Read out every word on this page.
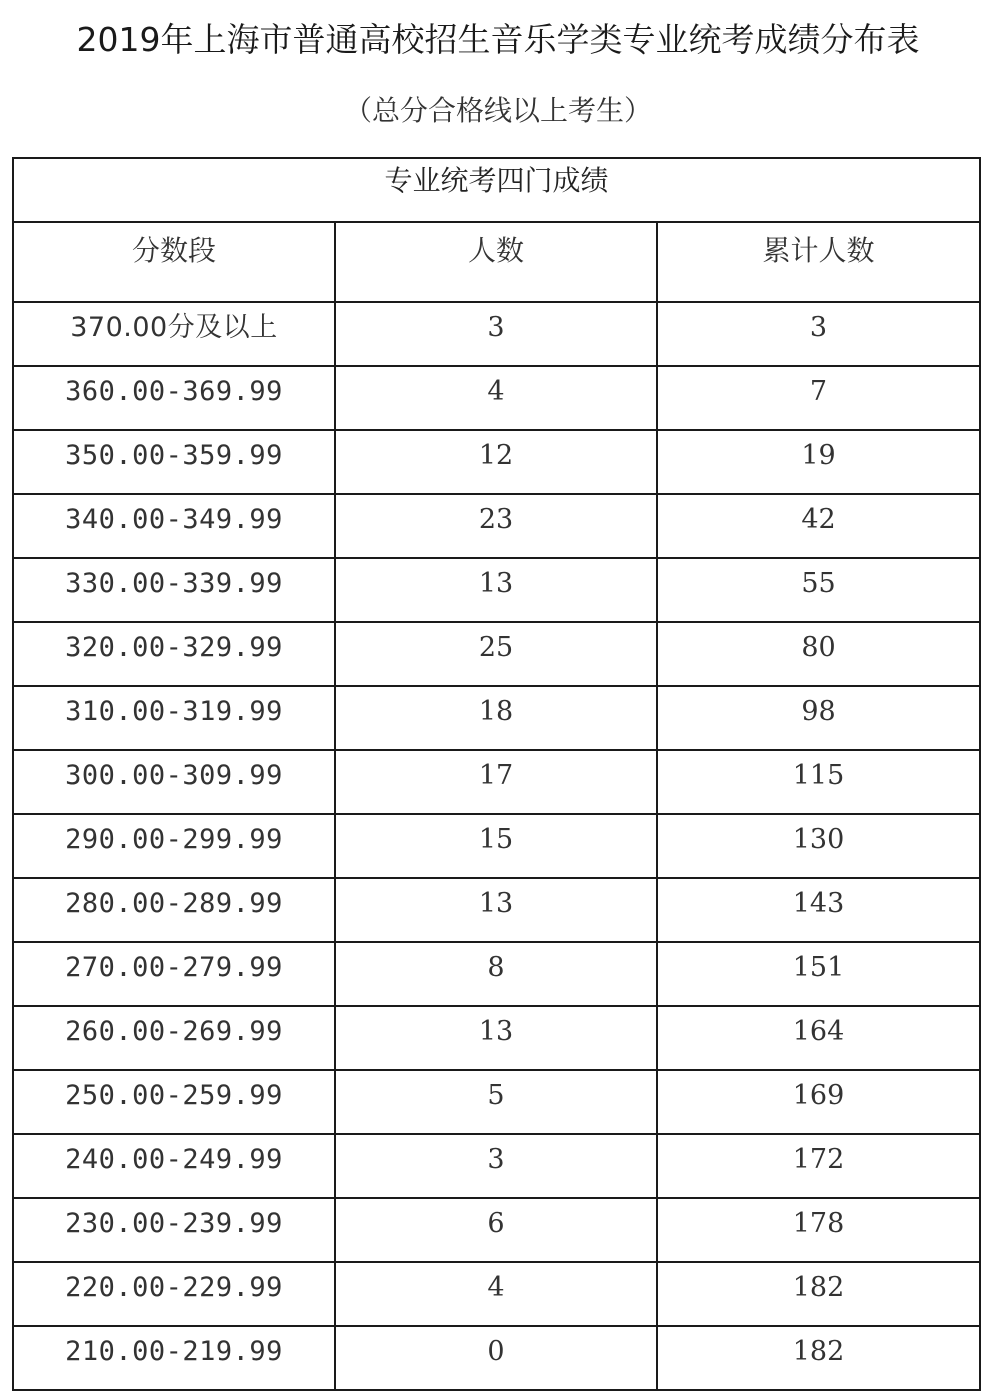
2019年上海市普通高校招生音乐学类专业统考成绩分布表
（总分合格线以上考生）
专业统考四门成绩		
分数段	人数	累计人数
370.00分及以上	3	3
360.00-369.99	4	7
350.00-359.99	12	19
340.00-349.99	23	42
330.00-339.99	13	55
320.00-329.99	25	80
310.00-319.99	18	98
300.00-309.99	17	115
290.00-299.99	15	130
280.00-289.99	13	143
270.00-279.99	8	151
260.00-269.99	13	164
250.00-259.99	5	169
240.00-249.99	3	172
230.00-239.99	6	178
220.00-229.99	4	182
210.00-219.99	0	182
